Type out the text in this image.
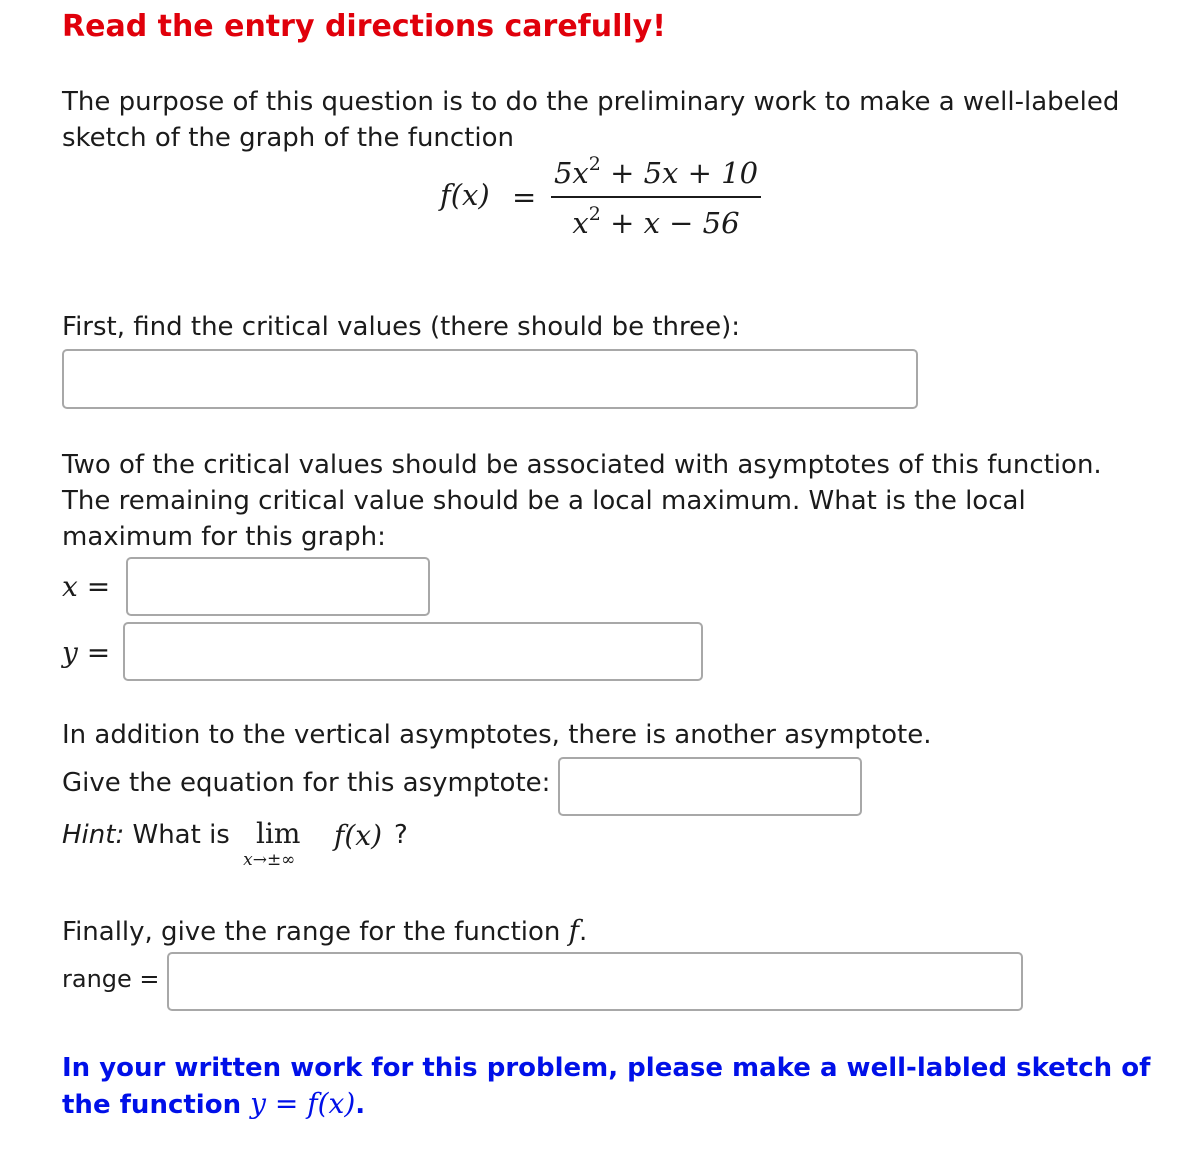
Read the entry directions carefully!
The purpose of this question is to do the preliminary work to make a well-labeled sketch of the graph of the function
f(x) =
$5x^2 + 5x + 10$
$x^2 + x - 56$
First, find the critical values (there should be three):
Two of the critical values should be associated with asymptotes of this function. The remaining critical value should be a local maximum. What is the local maximum for this graph:
x =
y =
In addition to the vertical asymptotes, there is another asymptote.
Give the equation for this asymptote:
Hint: What is lim
x→±∞
f(x) ?
Finally, give the range for the function f.
range =
In your written work for this problem, please make a well-labled sketch of the function y = f(x).
